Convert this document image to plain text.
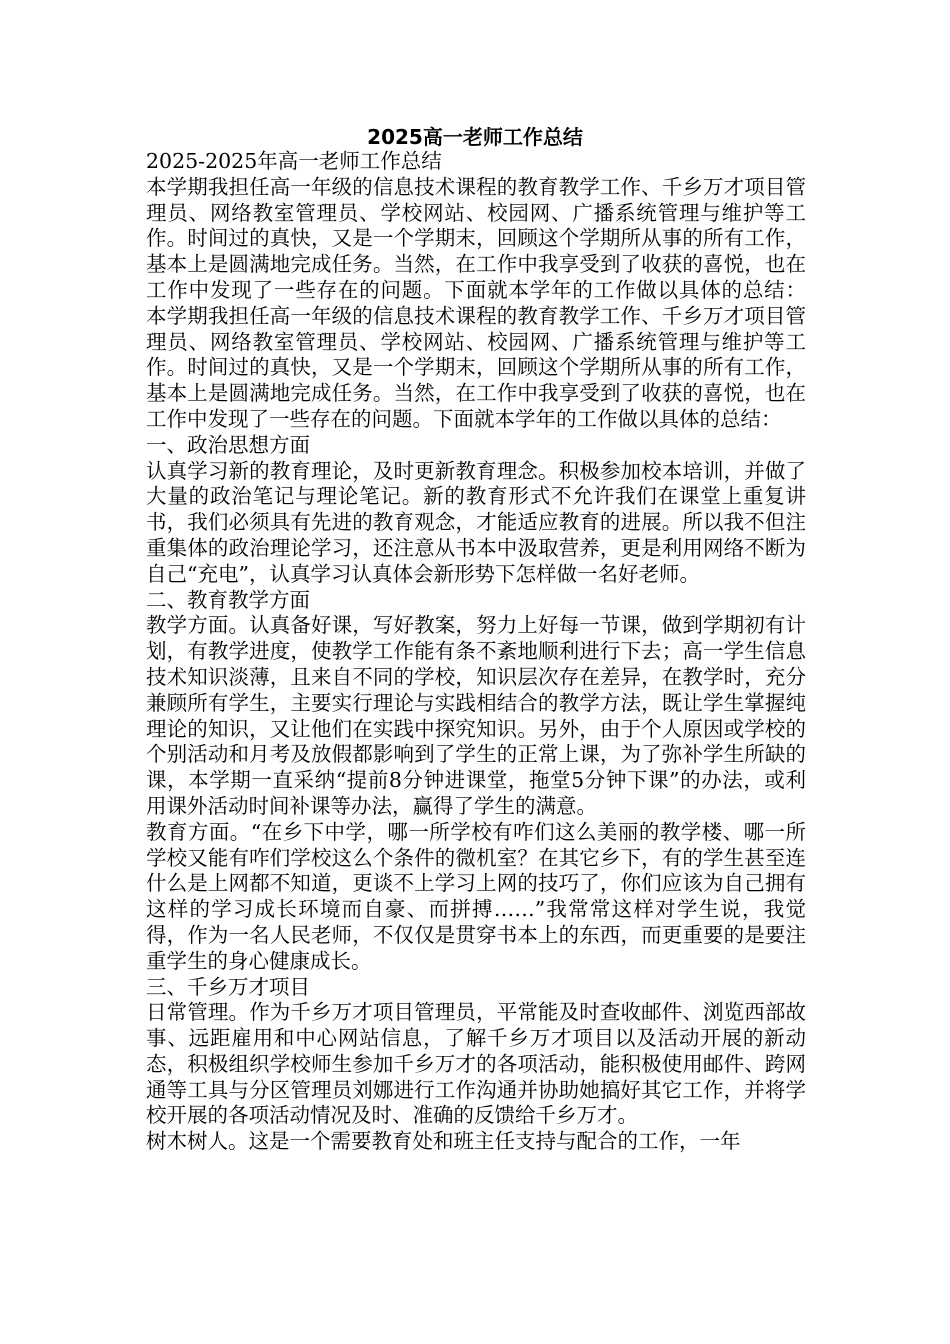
2025高一老师工作总结

2025-2025年高一老师工作总结

本学期我担任高一年级的信息技术课程的教育教学工作、千乡万才项目管理员、网络教室管理员、学校网站、校园网、广播系统管理与维护等工作。时间过的真快，又是一个学期末，回顾这个学期所从事的所有工作，基本上是圆满地完成任务。当然，在工作中我享受到了收获的喜悦，也在工作中发现了一些存在的问题。下面就本学年的工作做以具体的总结： 本学期我担任高一年级的信息技术课程的教育教学工作、千乡万才项目管理员、网络教室管理员、学校网站、校园网、广播系统管理与维护等工作。时间过的真快，又是一个学期末，回顾这个学期所从事的所有工作，基本上是圆满地完成任务。当然，在工作中我享受到了收获的喜悦，也在工作中发现了一些存在的问题。下面就本学年的工作做以具体的总结：

一、政治思想方面

认真学习新的教育理论，及时更新教育理念。积极参加校本培训，并做了大量的政治笔记与理论笔记。新的教育形式不允许我们在课堂上重复讲书，我们必须具有先进的教育观念，才能适应教育的进展。所以我不但注重集体的政治理论学习，还注意从书本中汲取营养，更是利用网络不断为自己“充电”，认真学习认真体会新形势下怎样做一名好老师。

二、教育教学方面

教学方面。认真备好课，写好教案，努力上好每一节课，做到学期初有计划，有教学进度，使教学工作能有条不紊地顺利进行下去；高一学生信息技术知识淡薄，且来自不同的学校，知识层次存在差异，在教学时，充分兼顾所有学生，主要实行理论与实践相结合的教学方法，既让学生掌握纯理论的知识，又让他们在实践中探究知识。另外，由于个人原因或学校的个别活动和月考及放假都影响到了学生的正常上课，为了弥补学生所缺的课，本学期一直采纳“提前8分钟进课堂，拖堂5分钟下课”的办法，或利用课外活动时间补课等办法，赢得了学生的满意。

教育方面。“在乡下中学，哪一所学校有咋们这么美丽的教学楼、哪一所学校又能有咋们学校这么个条件的微机室？在其它乡下，有的学生甚至连什么是上网都不知道，更谈不上学习上网的技巧了，你们应该为自己拥有这样的学习成长环境而自豪、而拼搏……”我常常这样对学生说，我觉得，作为一名人民老师，不仅仅是贯穿书本上的东西，而更重要的是要注重学生的身心健康成长。

三、千乡万才项目

日常管理。作为千乡万才项目管理员，平常能及时查收邮件、浏览西部故事、远距雇用和中心网站信息，了解千乡万才项目以及活动开展的新动态，积极组织学校师生参加千乡万才的各项活动，能积极使用邮件、跨网通等工具与分区管理员刘娜进行工作沟通并协助她搞好其它工作，并将学校开展的各项活动情况及时、准确的反馈给千乡万才。

树木树人。这是一个需要教育处和班主任支持与配合的工作，一年
